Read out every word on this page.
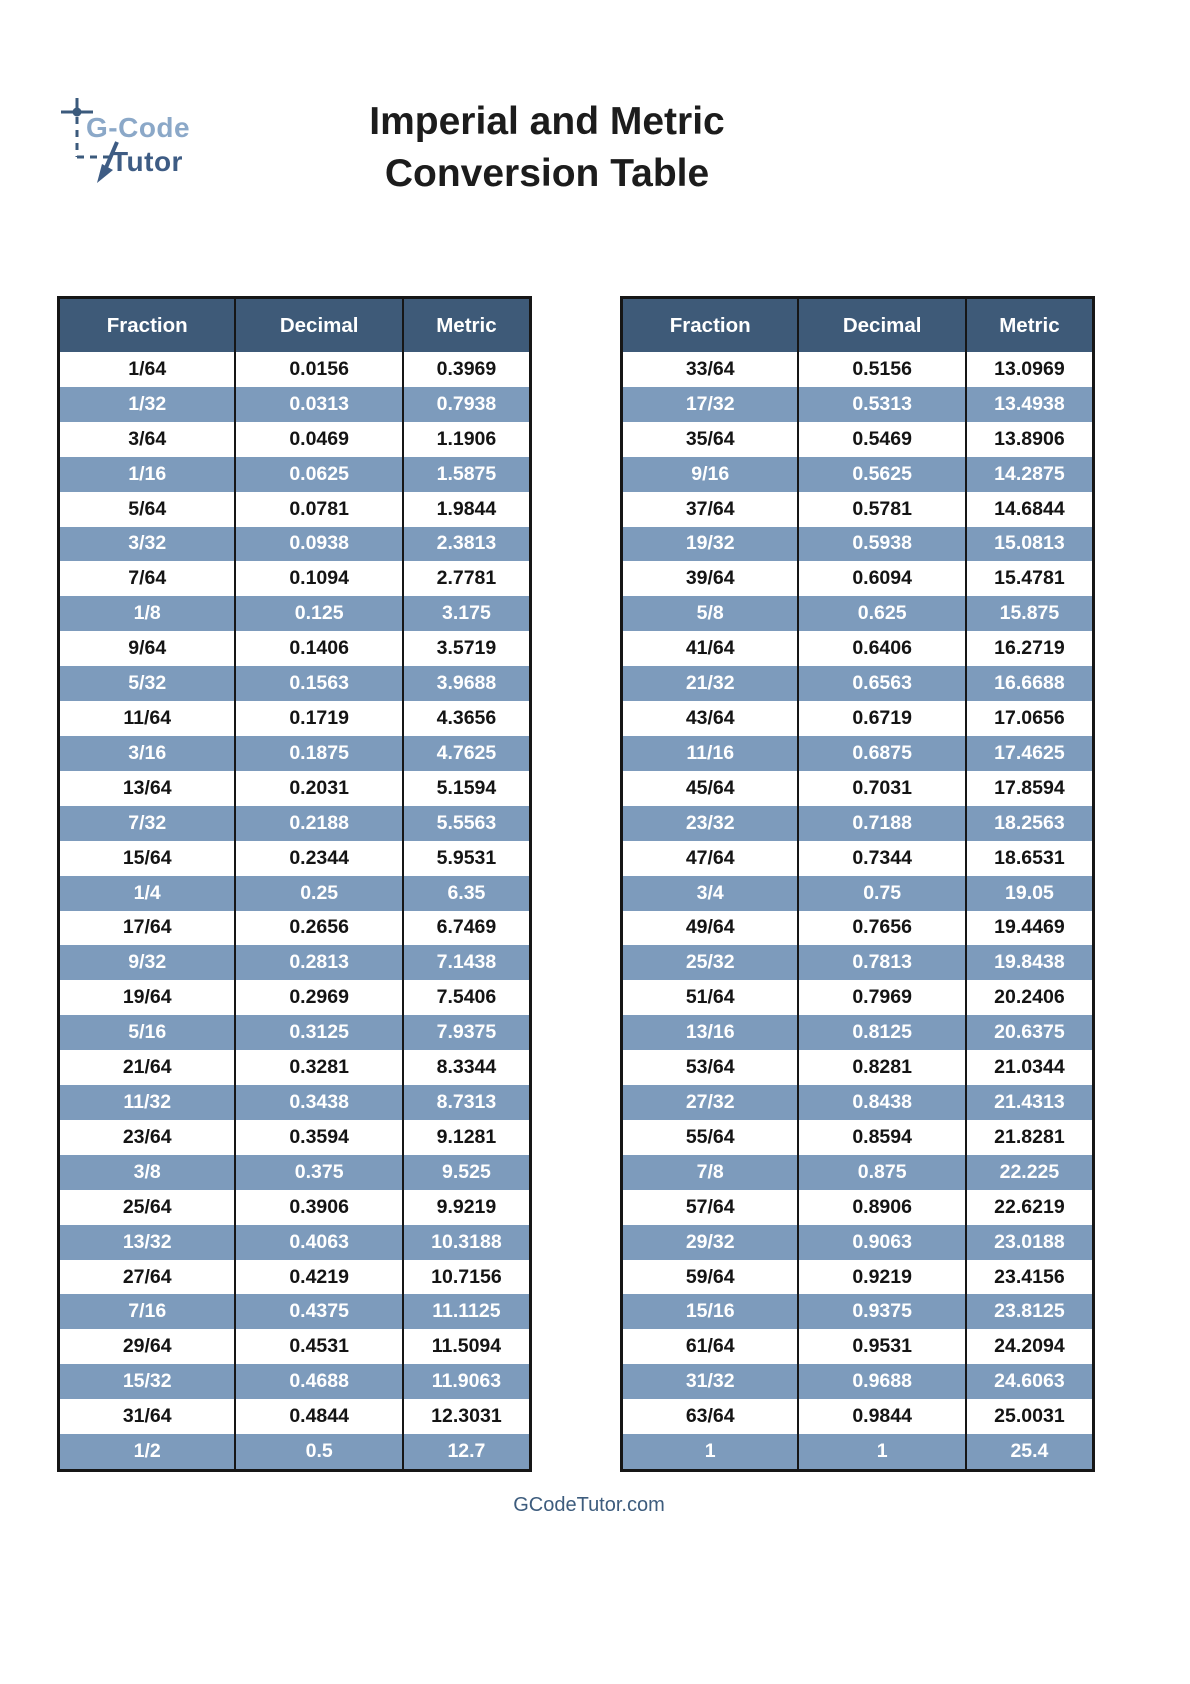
G-Code
Tutor
Imperial and Metric
Conversion Table
Fraction	Decimal	Metric
1/64	0.0156	0.3969
1/32	0.0313	0.7938
3/64	0.0469	1.1906
1/16	0.0625	1.5875
5/64	0.0781	1.9844
3/32	0.0938	2.3813
7/64	0.1094	2.7781
1/8	0.125	3.175
9/64	0.1406	3.5719
5/32	0.1563	3.9688
11/64	0.1719	4.3656
3/16	0.1875	4.7625
13/64	0.2031	5.1594
7/32	0.2188	5.5563
15/64	0.2344	5.9531
1/4	0.25	6.35
17/64	0.2656	6.7469
9/32	0.2813	7.1438
19/64	0.2969	7.5406
5/16	0.3125	7.9375
21/64	0.3281	8.3344
11/32	0.3438	8.7313
23/64	0.3594	9.1281
3/8	0.375	9.525
25/64	0.3906	9.9219
13/32	0.4063	10.3188
27/64	0.4219	10.7156
7/16	0.4375	11.1125
29/64	0.4531	11.5094
15/32	0.4688	11.9063
31/64	0.4844	12.3031
1/2	0.5	12.7
Fraction	Decimal	Metric
33/64	0.5156	13.0969
17/32	0.5313	13.4938
35/64	0.5469	13.8906
9/16	0.5625	14.2875
37/64	0.5781	14.6844
19/32	0.5938	15.0813
39/64	0.6094	15.4781
5/8	0.625	15.875
41/64	0.6406	16.2719
21/32	0.6563	16.6688
43/64	0.6719	17.0656
11/16	0.6875	17.4625
45/64	0.7031	17.8594
23/32	0.7188	18.2563
47/64	0.7344	18.6531
3/4	0.75	19.05
49/64	0.7656	19.4469
25/32	0.7813	19.8438
51/64	0.7969	20.2406
13/16	0.8125	20.6375
53/64	0.8281	21.0344
27/32	0.8438	21.4313
55/64	0.8594	21.8281
7/8	0.875	22.225
57/64	0.8906	22.6219
29/32	0.9063	23.0188
59/64	0.9219	23.4156
15/16	0.9375	23.8125
61/64	0.9531	24.2094
31/32	0.9688	24.6063
63/64	0.9844	25.0031
1	1	25.4
GCodeTutor.com
